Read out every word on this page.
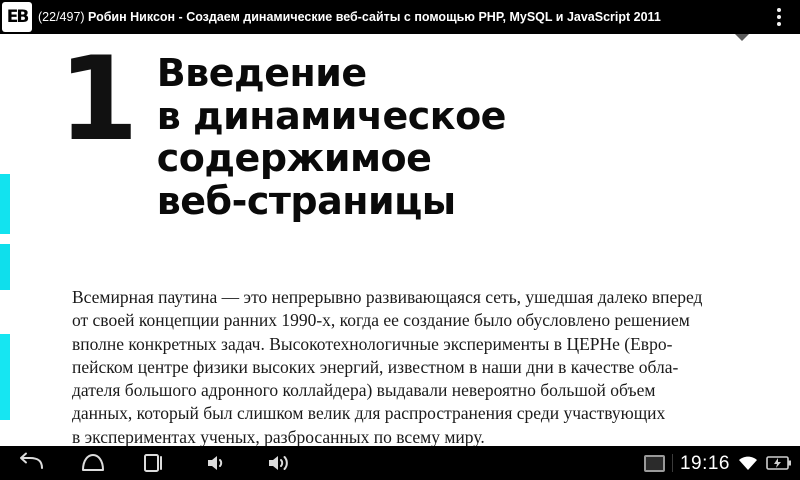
ЕВ (22/497) Робин Никсон - Создаем динамические веб-сайты с помощью PHP, MySQL и JavaScript 2011
1 Введение
в динамическое
содержимое
веб-страницы

Всемирная паутина — это непрерывно развивающаяся сеть, ушедшая далеко вперед
от своей концепции ранних 1990-х, когда ее создание было обусловлено решением
вполне конкретных задач. Высокотехнологичные эксперименты в ЦЕРНе (Евро-
пейском центре физики высоких энергий, известном в наши дни в качестве обла-
дателя большого адронного коллайдера) выдавали невероятно большой объем
данных, который был слишком велик для распространения среди участвующих
в экспериментах ученых, разбросанных по всему миру.

19:16
